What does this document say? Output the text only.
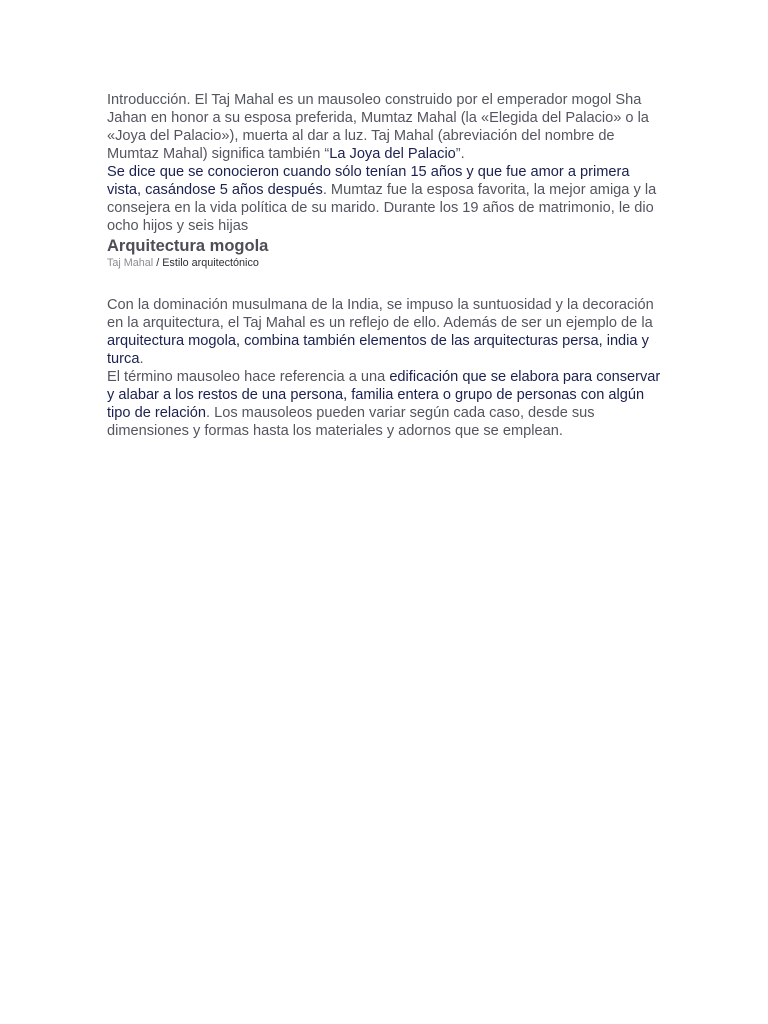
Introducción. El Taj Mahal es un mausoleo construido por el emperador mogol Sha Jahan en honor a su esposa preferida, Mumtaz Mahal (la «Elegida del Palacio» o la «Joya del Palacio»), muerta al dar a luz. Taj Mahal (abreviación del nombre de Mumtaz Mahal) significa también “La Joya del Palacio”.

Se dice que se conocieron cuando sólo tenían 15 años y que fue amor a primera vista, casándose 5 años después. Mumtaz fue la esposa favorita, la mejor amiga y la consejera en la vida política de su marido. Durante los 19 años de matrimonio, le dio ocho hijos y seis hijas

Arquitectura mogola
Taj Mahal / Estilo arquitectónico

Con la dominación musulmana de la India, se impuso la suntuosidad y la decoración en la arquitectura, el Taj Mahal es un reflejo de ello. Además de ser un ejemplo de la arquitectura mogola, combina también elementos de las arquitecturas persa, india y turca.

El término mausoleo hace referencia a una edificación que se elabora para conservar y alabar a los restos de una persona, familia entera o grupo de personas con algún tipo de relación. Los mausoleos pueden variar según cada caso, desde sus dimensiones y formas hasta los materiales y adornos que se emplean.
